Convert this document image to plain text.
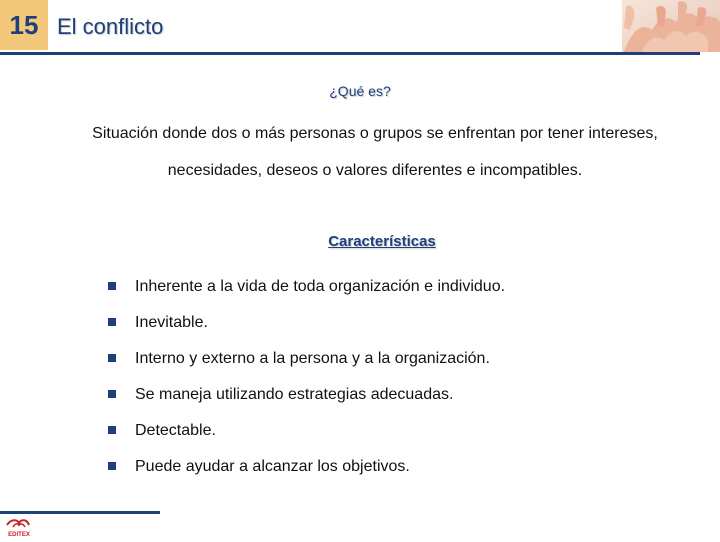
15 El conflicto
¿Qué es?
Situación donde dos o más personas o grupos se enfrentan por tener intereses, necesidades, deseos o valores diferentes e incompatibles.
Características
Inherente a la vida de toda organización e individuo.
Inevitable.
Interno y externo a la persona y a la organización.
Se maneja utilizando estrategias adecuadas.
Detectable.
Puede ayudar a alcanzar los objetivos.
EDITEX
